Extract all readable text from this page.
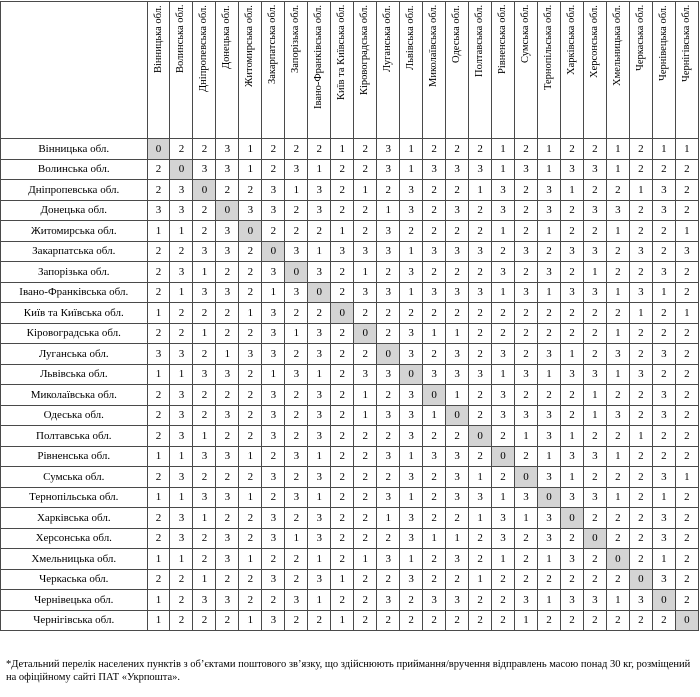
	Вінницька обл.	Волинська обл.	Дніпропевська обл.	Донецька обл.	Житомирська обл.	Закарпатська обл.	Запорізька обл.	Івано-Франківська обл.	Київ та Київська обл.	Кіровоградська обл.	Луганська обл.	Львівська обл.	Миколаївська обл.	Одеська обл.	Полтавська обл.	Рівненська обл.	Сумська обл.	Тернопільська обл.	Харківська обл.	Херсонська обл.	Хмельницька обл.	Черкаська обл.	Чернівецька обл.	Чернігівська обл.

Вінницька обл.	0	2	2	3	1	2	2	2	1	2	3	1	2	2	2	1	2	1	2	2	1	2	1	1
Волинська обл.	2	0	3	3	1	2	3	1	2	2	3	1	3	3	3	1	3	1	3	3	1	2	2	2
Дніпропевська обл.	2	3	0	2	2	3	1	3	2	1	2	3	2	2	1	3	2	3	1	2	2	1	3	2
Донецька обл.	3	3	2	0	3	3	2	3	2	2	1	3	2	3	2	3	2	3	2	3	3	2	3	2
Житомирська обл.	1	1	2	3	0	2	2	2	1	2	3	2	2	2	2	1	2	1	2	2	1	2	2	1
Закарпатська обл.	2	2	3	3	2	0	3	1	3	3	3	1	3	3	3	2	3	2	3	3	2	3	2	3
Запорізька обл.	2	3	1	2	2	3	0	3	2	1	2	3	2	2	2	3	2	3	2	1	2	2	3	2
Івано-Франківська обл.	2	1	3	3	2	1	3	0	2	3	3	1	3	3	3	1	3	1	3	3	1	3	1	2
Київ та Київська обл.	1	2	2	2	1	3	2	2	0	2	2	2	2	2	2	2	2	2	2	2	2	1	2	1
Кіровоградська обл.	2	2	1	2	2	3	1	3	2	0	2	3	1	1	2	2	2	2	2	2	1	2	2	2
Луганська обл.	3	3	2	1	3	3	2	3	2	2	0	3	2	3	2	3	2	3	1	2	3	2	3	2
Львівська обл.	1	1	3	3	2	1	3	1	2	3	3	0	3	3	3	1	3	1	3	3	1	3	2	2
Миколаївська обл.	2	3	2	2	2	3	2	3	2	1	2	3	0	1	2	3	2	2	2	1	2	2	3	2
Одеська обл.	2	3	2	3	2	3	2	3	2	1	3	3	1	0	2	3	3	3	2	1	3	2	3	2
Полтавська обл.	2	3	1	2	2	3	2	3	2	2	2	3	2	2	0	2	1	3	1	2	2	1	2	2
Рівненська обл.	1	1	3	3	1	2	3	1	2	2	3	1	3	3	2	0	2	1	3	3	1	2	2	2
Сумська обл.	2	3	2	2	2	3	2	3	2	2	2	3	2	3	1	2	0	3	1	2	2	2	3	1
Тернопільська обл.	1	1	3	3	1	2	3	1	2	2	3	1	2	3	3	1	3	0	3	3	1	2	1	2
Харківська обл.	2	3	1	2	2	3	2	3	2	2	1	3	2	2	1	3	1	3	0	2	2	2	3	2
Херсонська обл.	2	3	2	3	2	3	1	3	2	2	2	3	1	1	2	3	2	3	2	0	2	2	3	2
Хмельницька обл.	1	1	2	3	1	2	2	1	2	1	3	1	2	3	2	1	2	1	3	2	0	2	1	2
Черкаська обл.	2	2	1	2	2	3	2	3	1	2	2	3	2	2	1	2	2	2	2	2	2	0	3	2
Чернівецька обл.	1	2	3	3	2	2	3	1	2	2	3	2	3	3	2	2	3	1	3	3	1	3	0	2
Чернігівська обл.	1	2	2	2	1	3	2	2	1	2	2	2	2	2	2	2	1	2	2	2	2	2	2	0
*Детальний перелік населених пунктів з об’єктами поштового зв’язку, що здійснюють приймання/вручення відправлень масою понад 30 кг, розміщений на офіційному сайті ПАТ «Укрпошта».
